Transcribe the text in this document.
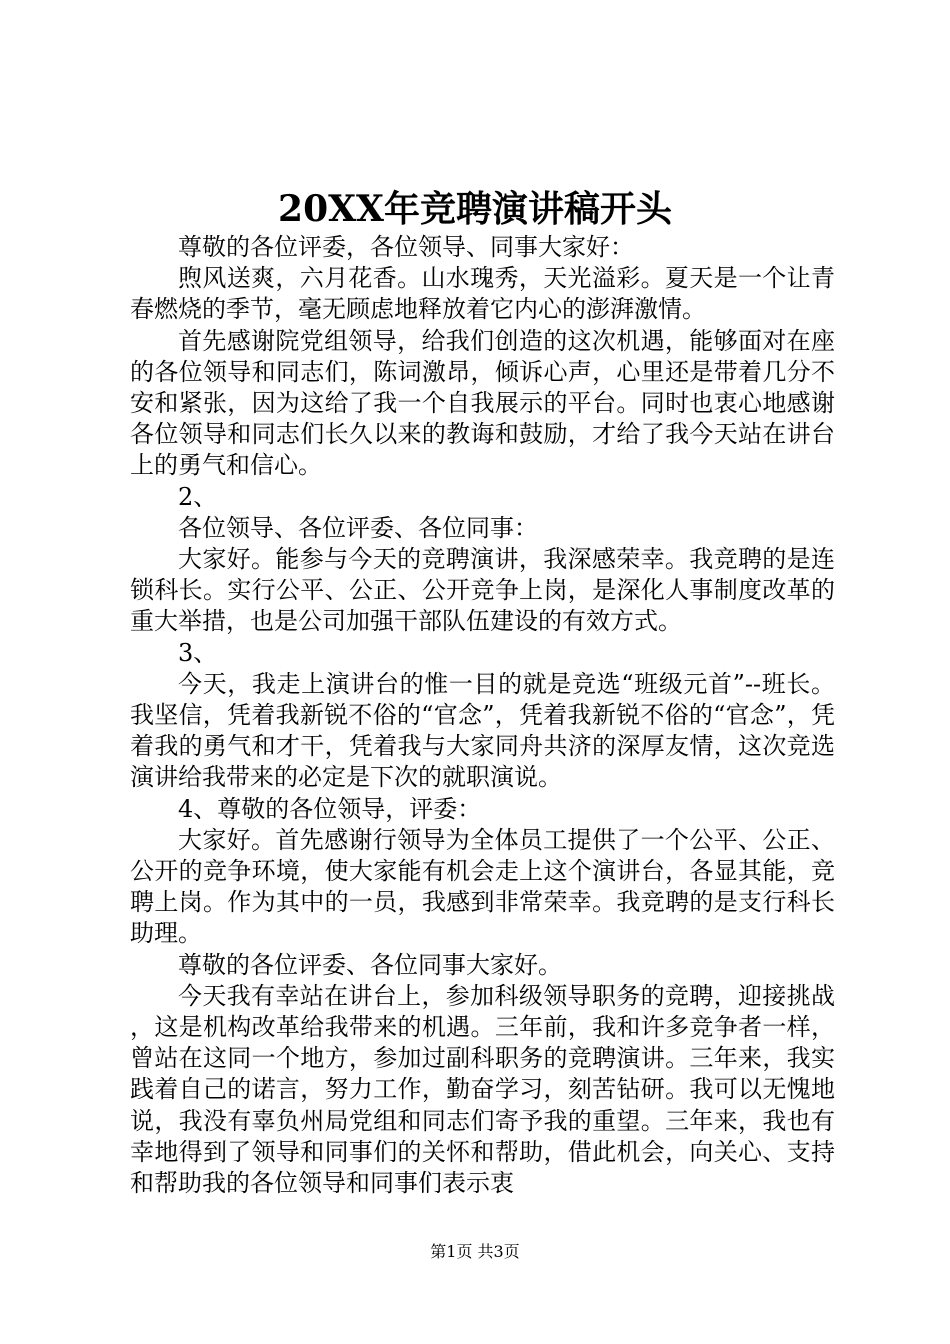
20XX年竞聘演讲稿开头

尊敬的各位评委，各位领导、同事大家好：

煦风送爽，六月花香。山水瑰秀，天光溢彩。夏天是一个让青春燃烧的季节，毫无顾虑地释放着它内心的澎湃激情。

首先感谢院党组领导，给我们创造的这次机遇，能够面对在座的各位领导和同志们，陈词激昂，倾诉心声，心里还是带着几分不安和紧张，因为这给了我一个自我展示的平台。同时也衷心地感谢各位领导和同志们长久以来的教诲和鼓励，才给了我今天站在讲台上的勇气和信心。

2、

各位领导、各位评委、各位同事：

大家好。能参与今天的竞聘演讲，我深感荣幸。我竞聘的是连锁科长。实行公平、公正、公开竞争上岗，是深化人事制度改革的重大举措，也是公司加强干部队伍建设的有效方式。

3、

今天，我走上演讲台的惟一目的就是竞选“班级元首”--班长。我坚信，凭着我新锐不俗的“官念”，凭着我新锐不俗的“官念”，凭着我的勇气和才干，凭着我与大家同舟共济的深厚友情，这次竞选演讲给我带来的必定是下次的就职演说。

4、尊敬的各位领导，评委：

大家好。首先感谢行领导为全体员工提供了一个公平、公正、公开的竞争环境，使大家能有机会走上这个演讲台，各显其能，竞聘上岗。作为其中的一员，我感到非常荣幸。我竞聘的是支行科长助理。

尊敬的各位评委、各位同事大家好。

今天我有幸站在讲台上，参加科级领导职务的竞聘，迎接挑战，这是机构改革给我带来的机遇。三年前，我和许多竞争者一样，曾站在这同一个地方，参加过副科职务的竞聘演讲。三年来，我实践着自己的诺言，努力工作，勤奋学习，刻苦钻研。我可以无愧地说，我没有辜负州局党组和同志们寄予我的重望。三年来，我也有幸地得到了领导和同事们的关怀和帮助，借此机会，向关心、支持和帮助我的各位领导和同事们表示衷

第1页 共3页
